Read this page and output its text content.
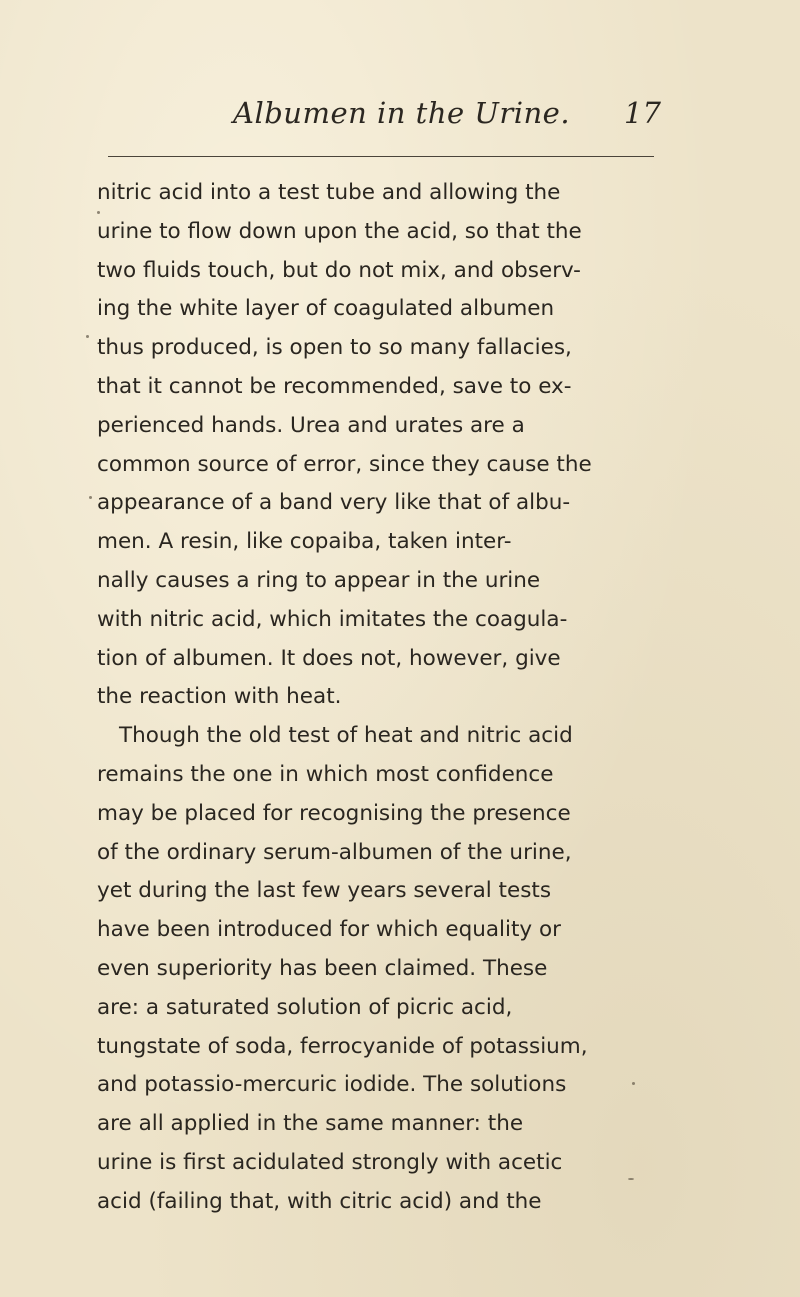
Albumen in the Urine. 17
nitric acid into a test tube and allowing the
urine to flow down upon the acid, so that the
two fluids touch, but do not mix, and observ-
ing the white layer of coagulated albumen
thus produced, is open to so many fallacies,
that it cannot be recommended, save to ex-
perienced hands. Urea and urates are a
common source of error, since they cause the
appearance of a band very like that of albu-
men. A resin, like copaiba, taken inter-
nally causes a ring to appear in the urine
with nitric acid, which imitates the coagula-
tion of albumen. It does not, however, give
the reaction with heat.
Though the old test of heat and nitric acid
remains the one in which most confidence
may be placed for recognising the presence
of the ordinary serum-albumen of the urine,
yet during the last few years several tests
have been introduced for which equality or
even superiority has been claimed. These
are: a saturated solution of picric acid,
tungstate of soda, ferrocyanide of potassium,
and potassio-mercuric iodide. The solutions
are all applied in the same manner: the
urine is first acidulated strongly with acetic
acid (failing that, with citric acid) and the
